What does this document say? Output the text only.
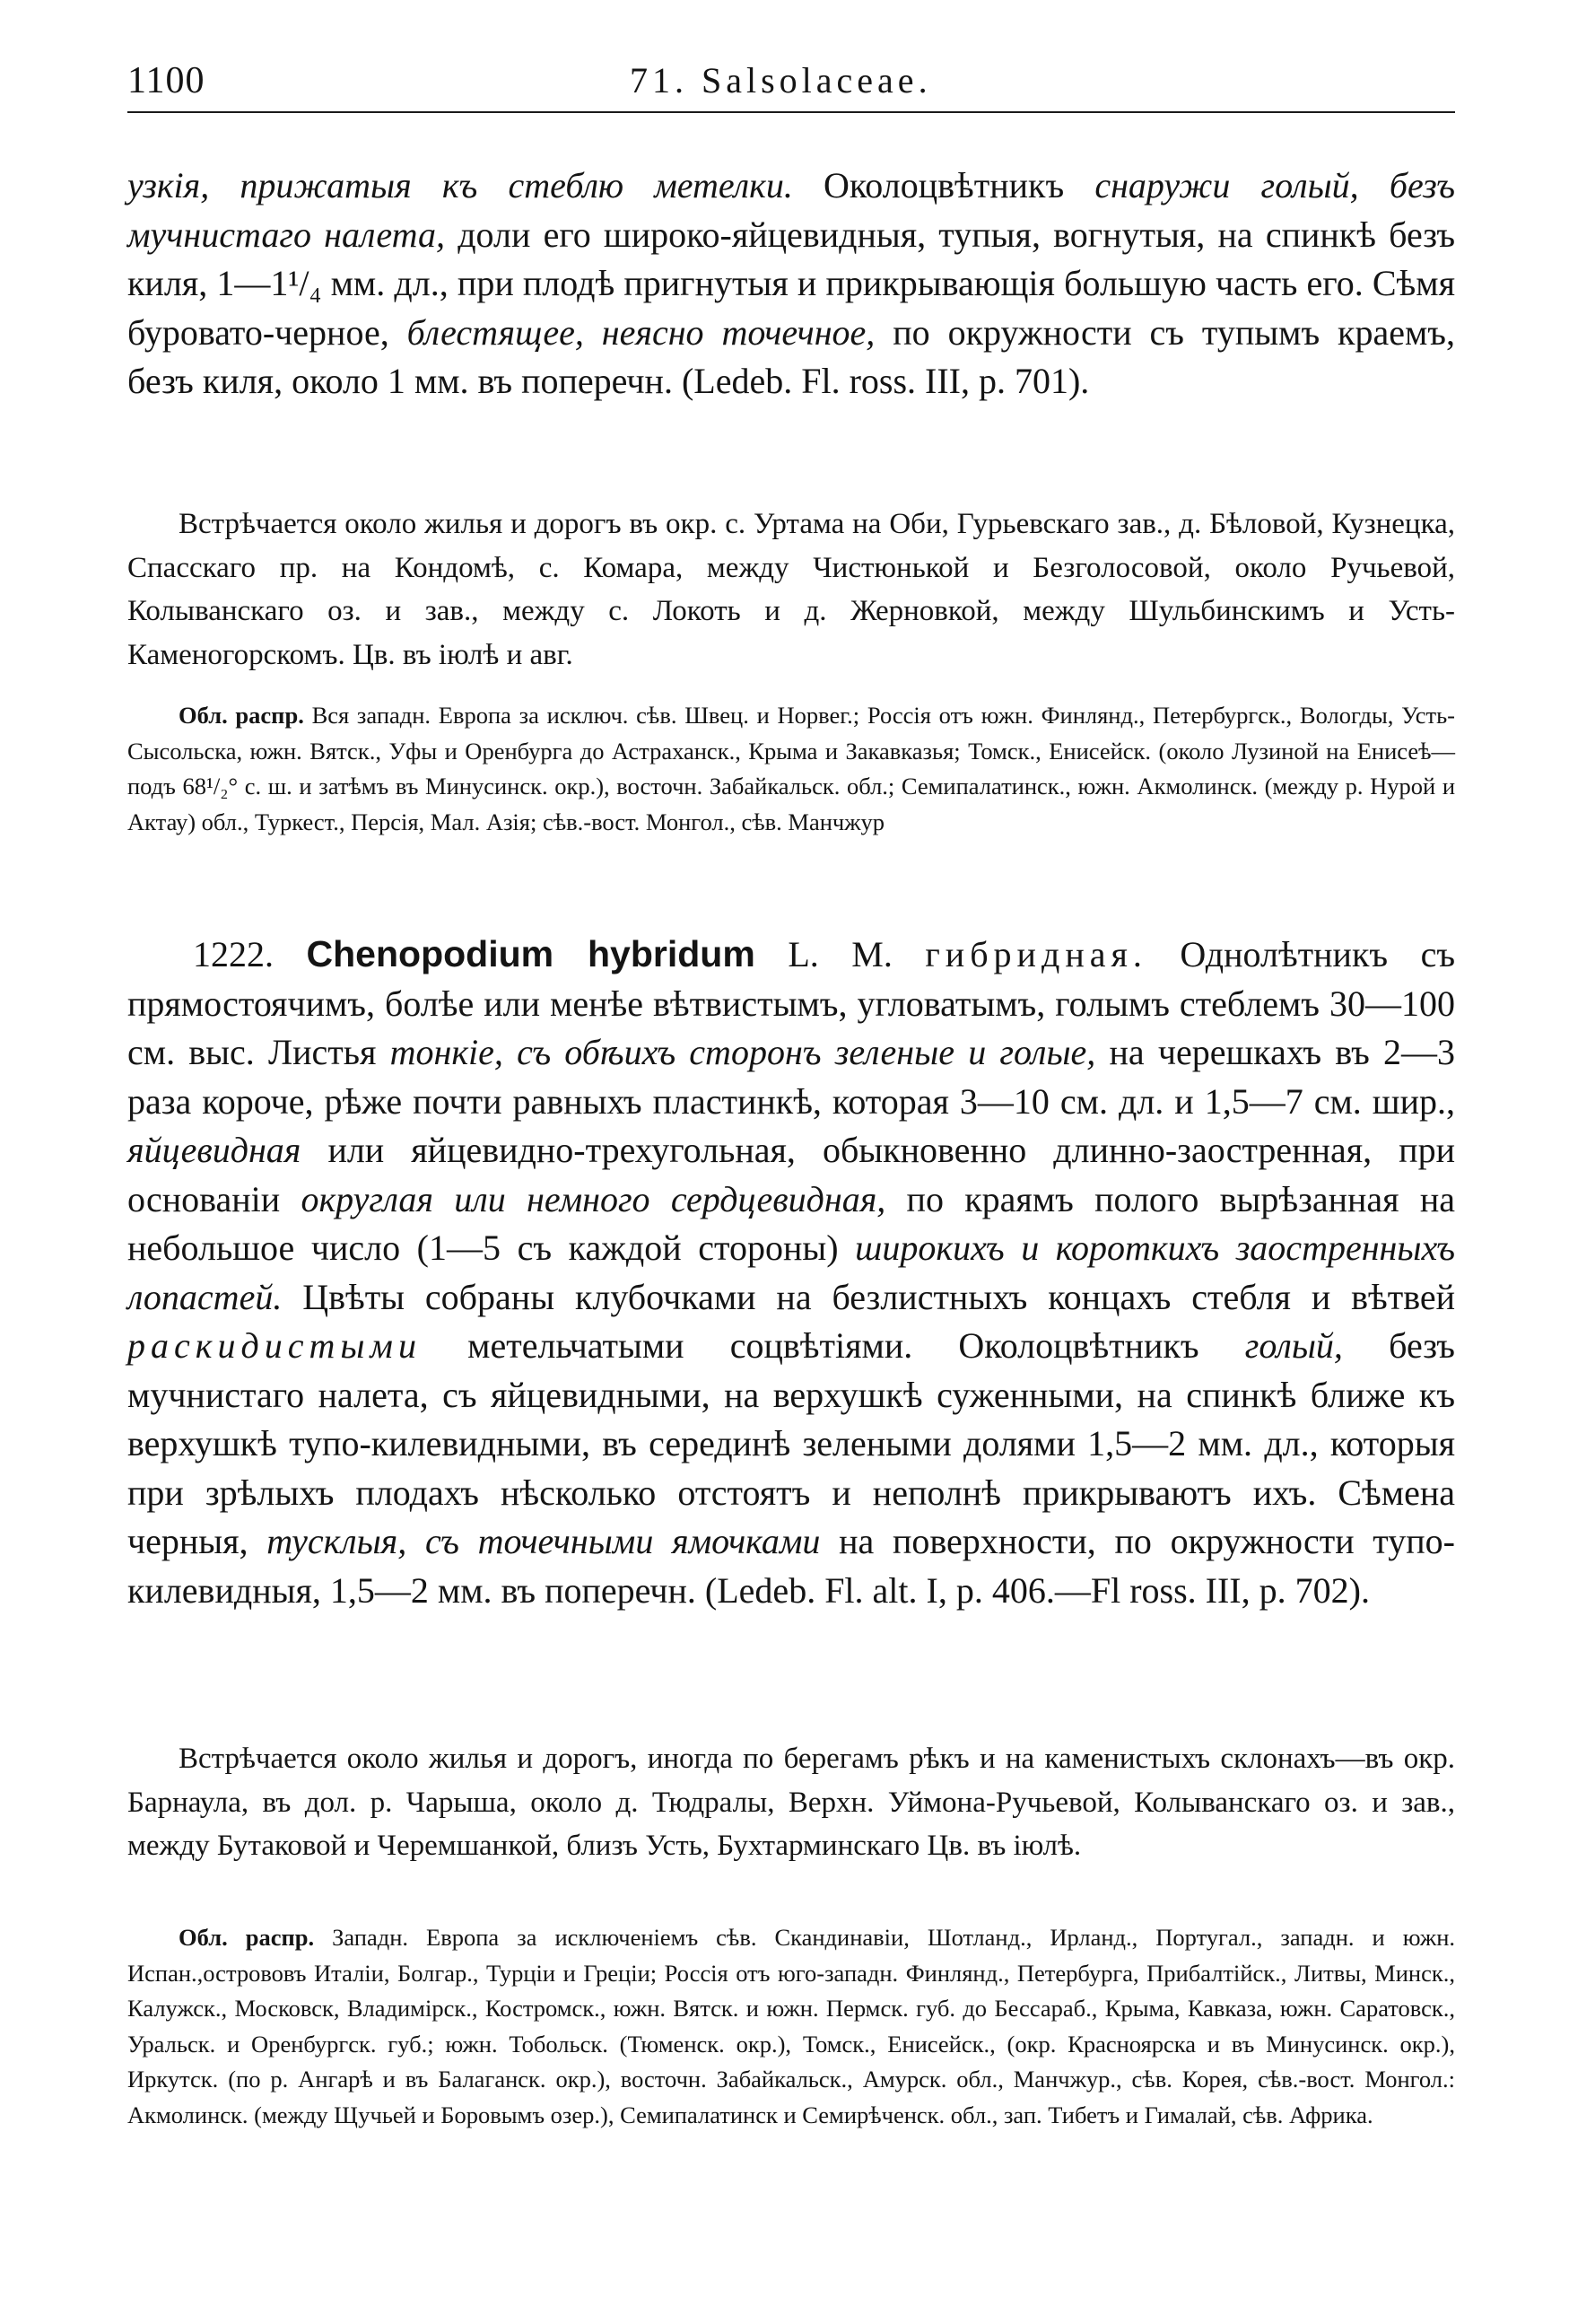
1100	71. Salsolaceae.
узкія, прижатыя къ стеблю метелки. Околоцвѣтникъ снаружи голый, безъ мучнистаго налета, доли его широко-яйцевидныя, тупыя, вогнутыя, на спинкѣ безъ киля, 1—1¹/₄ мм. дл., при плодѣ пригнутыя и прикрывающія большую часть его. Сѣмя буровато-черное, блестящее, неясно точечное, по окружности съ тупымъ краемъ, безъ киля, около 1 мм. въ поперечн. (Ledeb. Fl. ross. III, p. 701).
Встрѣчается около жилья и дорогъ въ окр. с. Уртама на Оби, Гурьевскаго зав., д. Бѣловой, Кузнецка, Спасскаго пр. на Кондомѣ, с. Комара, между Чистюнькой и Безголосовой, около Ручьевой, Колыванскаго оз. и зав., между с. Локоть и д. Жерновкой, между Шульбинскимъ и Усть-Каменогорскомъ. Цв. въ іюлѣ и авг.
Обл. распр. Вся западн. Европа за исключ. сѣв. Швец. и Норвег.; Россія отъ южн. Финлянд., Петербургск., Вологды, Усть-Сысольска, южн. Вятск., Уфы и Оренбурга до Астраханск., Крыма и Закавказья; Томск., Енисейск. (около Лузиной на Енисеѣ—подъ 68¹/₂° с. ш. и затѣмъ въ Минусинск. окр.), восточн. Забайкальск. обл.; Семипалатинск., южн. Акмолинск. (между р. Нурой и Актау) обл., Туркест., Персія, Мал. Азія; сѣв.-вост. Монгол., сѣв. Манчжур
1222. Chenopodium hybridum L. M. гибридная. Однолѣтникъ съ прямостоячимъ, болѣе или менѣе вѣтвистымъ, угловатымъ, голымъ стеблемъ 30—100 см. выс. Листья тонкіе, съ обѣихъ сторонъ зеленые и голые, на черешкахъ въ 2—3 раза короче, рѣже почти равныхъ пластинкѣ, которая 3—10 см. дл. и 1,5—7 см. шир., яйцевидная или яйцевидно-трехугольная, обыкновенно длинно-заостренная, при основаніи округлая или немного сердцевидная, по краямъ полого вырѣзанная на небольшое число (1—5 съ каждой стороны) широкихъ и короткихъ заостренныхъ лопастей. Цвѣты собраны клубочками на безлистныхъ концахъ стебля и вѣтвей раскидистыми метельчатыми соцвѣтіями. Околоцвѣтникъ голый, безъ мучнистаго налета, съ яйцевидными, на верхушкѣ суженными, на спинкѣ ближе къ верхушкѣ тупо-килевидными, въ серединѣ зелеными долями 1,5—2 мм. дл., которыя при зрѣлыхъ плодахъ нѣсколько отстоятъ и неполнѣ прикрываютъ ихъ. Сѣмена черныя, тусклыя, съ точечными ямочками на поверхности, по окружности тупо-килевидныя, 1,5—2 мм. въ поперечн. (Ledeb. Fl. alt. I, p. 406.—Fl ross. III, p. 702).
Встрѣчается около жилья и дорогъ, иногда по берегамъ рѣкъ и на каменистыхъ склонахъ—въ окр. Барнаула, въ дол. р. Чарыша, около д. Тюдралы, Верхн. Уймона-Ручьевой, Колыванскаго оз. и зав., между Бутаковой и Черемшанкой, близъ Усть, Бухтарминскаго Цв. въ іюлѣ.
Обл. распр. Западн. Европа за исключеніемъ сѣв. Скандинавіи, Шотланд., Ирланд., Португал., западн. и южн. Испан.,острововъ Италіи, Болгар., Турціи и Греціи; Россія отъ юго-западн. Финлянд., Петербурга, Прибалтійск., Литвы, Минск., Калужск., Московск, Владимірск., Костромск., южн. Вятск. и южн. Пермск. губ. до Бессараб., Крыма, Кавказа, южн. Саратовск., Уральск. и Оренбургск. губ.; южн. Тобольск. (Тюменск. окр.), Томск., Енисейск., (окр. Красноярска и въ Минусинск. окр.), Иркутск. (по р. Ангарѣ и въ Балаганск. окр.), восточн. Забайкальск., Амурск. обл., Манчжур., сѣв. Корея, сѣв.-вост. Монгол.: Акмолинск. (между Щучьей и Боровымъ озер.), Семипалатинск и Семирѣченск. обл., зап. Тибетъ и Гималай, сѣв. Африка.
